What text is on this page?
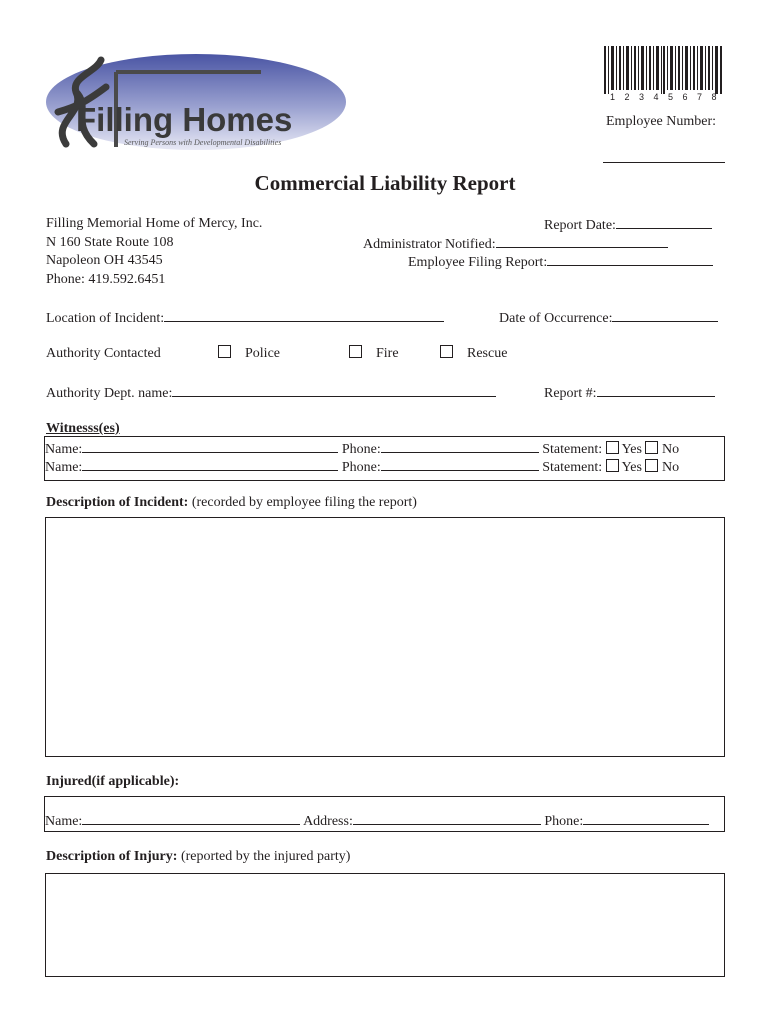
Filling Homes
Serving Persons with Developmental Disabilities
1 2 3 4 5 6 7 8
Employee Number:
Commercial Liability Report
Filling Memorial Home of Mercy, Inc.
N 160 State Route 108
Napoleon OH 43545
Phone: 419.592.6451
Report Date:
Administrator Notified:
Employee Filing Report:
Location of Incident:	Date of Occurrence:
Authority Contacted	Police	Fire	Rescue
Authority Dept. name:	Report #:
Witnesss(es)
Name:	Phone:	Statement: Yes No
Name:	Phone:	Statement: Yes No
Description of Incident: (recorded by employee filing the report)
Injured(if applicable):
Name:	Address:	Phone:
Description of Injury: (reported by the injured party)
